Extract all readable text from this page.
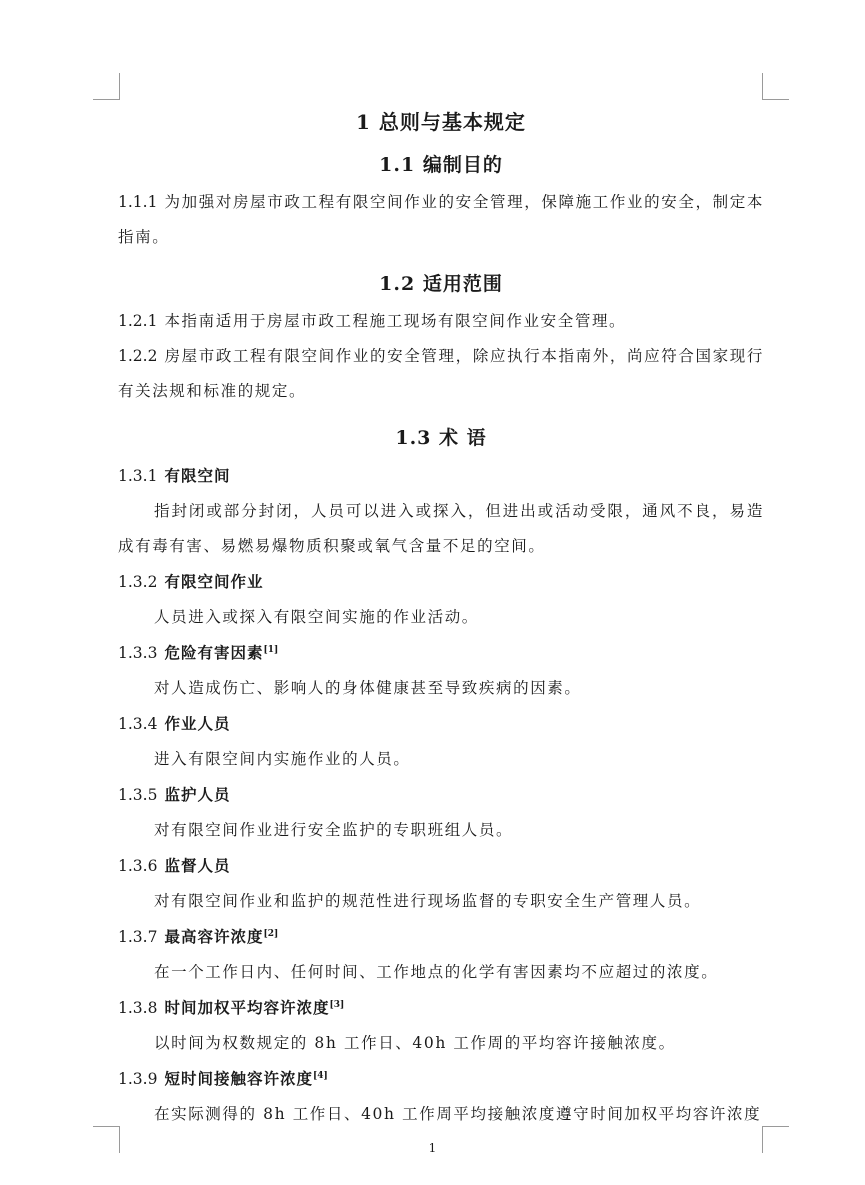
1 总则与基本规定
1.1 编制目的

1.1.1 为加强对房屋市政工程有限空间作业的安全管理，保障施工作业的安全，制定本指南。

1.2 适用范围

1.2.1 本指南适用于房屋市政工程施工现场有限空间作业安全管理。

1.2.2 房屋市政工程有限空间作业的安全管理，除应执行本指南外，尚应符合国家现行有关法规和标准的规定。

1.3 术 语

1.3.1 有限空间

指封闭或部分封闭，人员可以进入或探入，但进出或活动受限，通风不良，易造成有毒有害、易燃易爆物质积聚或氧气含量不足的空间。

1.3.2 有限空间作业

人员进入或探入有限空间实施的作业活动。

1.3.3 危险有害因素[1]

对人造成伤亡、影响人的身体健康甚至导致疾病的因素。

1.3.4 作业人员

进入有限空间内实施作业的人员。

1.3.5 监护人员

对有限空间作业进行安全监护的专职班组人员。

1.3.6 监督人员

对有限空间作业和监护的规范性进行现场监督的专职安全生产管理人员。

1.3.7 最高容许浓度[2]

在一个工作日内、任何时间、工作地点的化学有害因素均不应超过的浓度。

1.3.8 时间加权平均容许浓度[3]

以时间为权数规定的 8h 工作日、40h 工作周的平均容许接触浓度。

1.3.9 短时间接触容许浓度[4]

在实际测得的 8h 工作日、40h 工作周平均接触浓度遵守时间加权平均容许浓度

1
